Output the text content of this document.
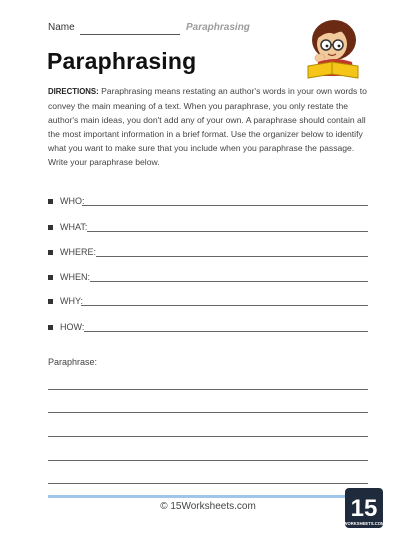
Name	Paraphrasing
Paraphrasing
DIRECTIONS: Paraphrasing means restating an author's words in your own words to convey the main meaning of a text. When you paraphrase, you only restate the author's main ideas, you don't add any of your own. A paraphrase should contain all the most important information in a brief format. Use the organizer below to identify what you want to make sure that you include when you paraphrase the passage. Write your paraphrase below.
WHO:
WHAT:
WHERE:
WHEN:
WHY:
HOW:
Paraphrase:
© 15Worksheets.com	15
WORKSHEETS.COM
